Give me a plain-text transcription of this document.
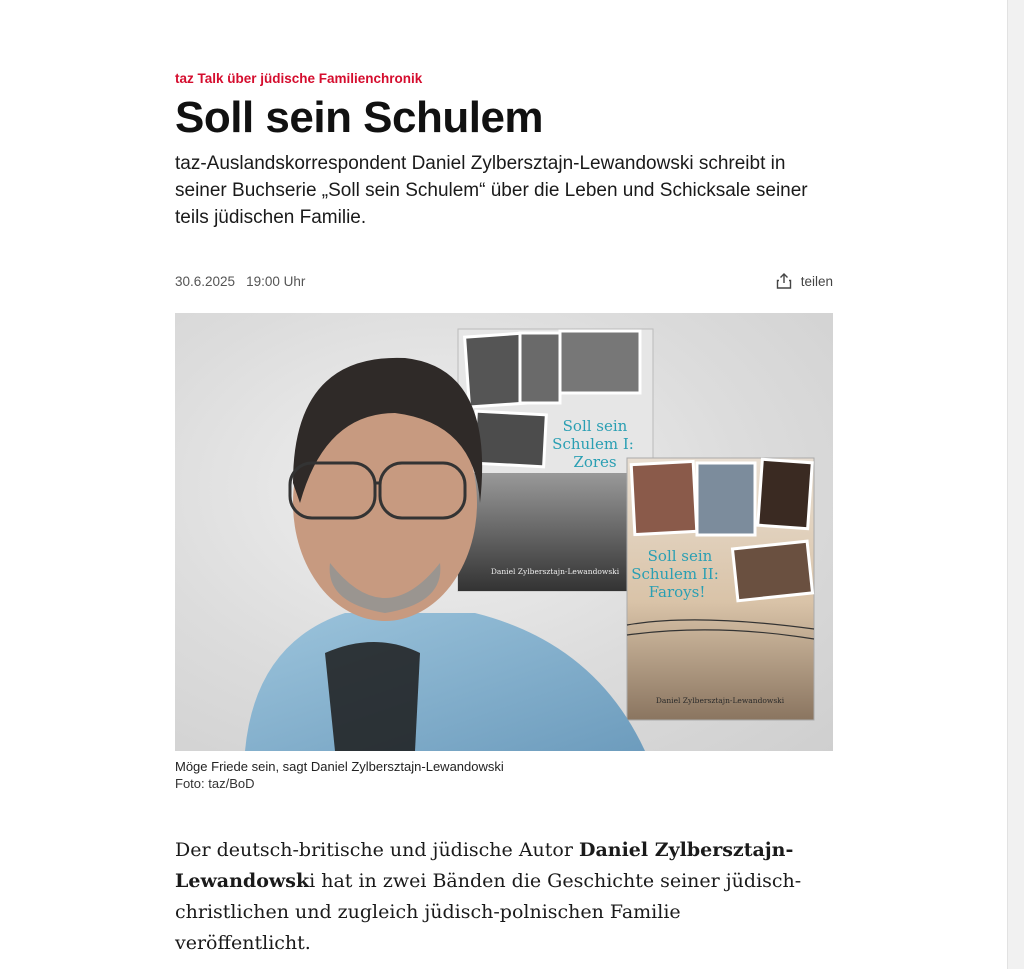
taz Talk über jüdische Familienchronik

Soll sein Schulem

taz-Auslandskorrespondent Daniel Zylbersztajn-Lewandowski schreibt in seiner Buchserie „Soll sein Schulem“ über die Leben und Schicksale seiner teils jüdischen Familie.

30.6.2025 19:00 Uhr	teilen
Soll sein
Schulem I:
Zores
Daniel Zylbersztajn-Lewandowski
Soll sein
Schulem II:
Faroys!
Daniel Zylbersztajn-Lewandowski
Möge Friede sein, sagt Daniel Zylbersztajn-Lewandowski
Foto: taz/BoD

Der deutsch-britische und jüdische Autor Daniel Zylbersztajn-Lewandowski hat in zwei Bänden die Geschichte seiner jüdisch-christlichen und zugleich jüdisch-polnischen Familie veröffentlicht.
